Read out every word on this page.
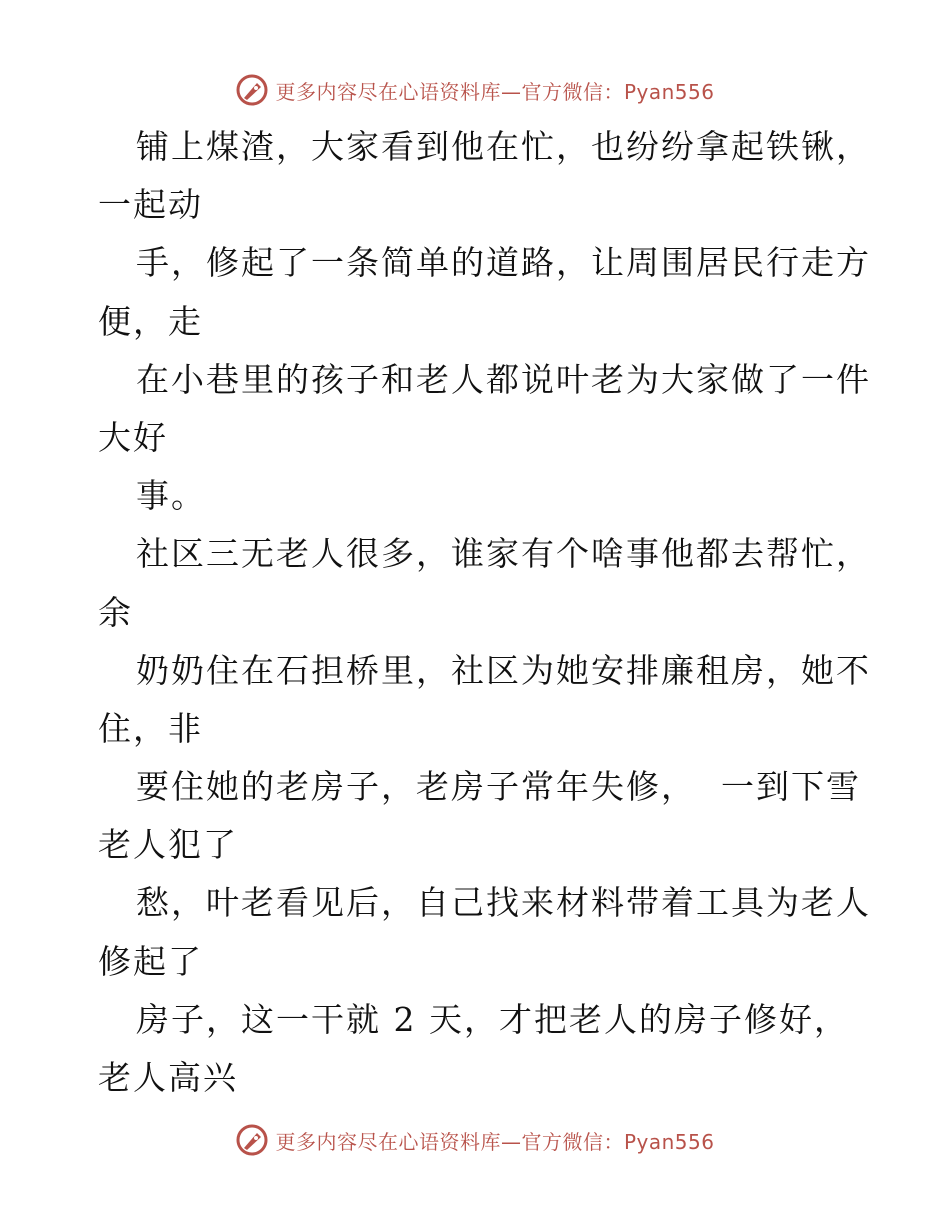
更多内容尽在心语资料库—官方微信：Pyan556
铺上煤渣，大家看到他在忙，也纷纷拿起铁锹，
一起动
手，修起了一条简单的道路，让周围居民行走方
便，走
在小巷里的孩子和老人都说叶老为大家做了一件
大好
事。
社区三无老人很多，谁家有个啥事他都去帮忙，
余
奶奶住在石担桥里，社区为她安排廉租房，她不
住，非
要住她的老房子，老房子常年失修，  一到下雪
老人犯了
愁，叶老看见后，自己找来材料带着工具为老人
修起了
房子，这一干就 2 天，才把老人的房子修好，
老人高兴
更多内容尽在心语资料库—官方微信：Pyan556
